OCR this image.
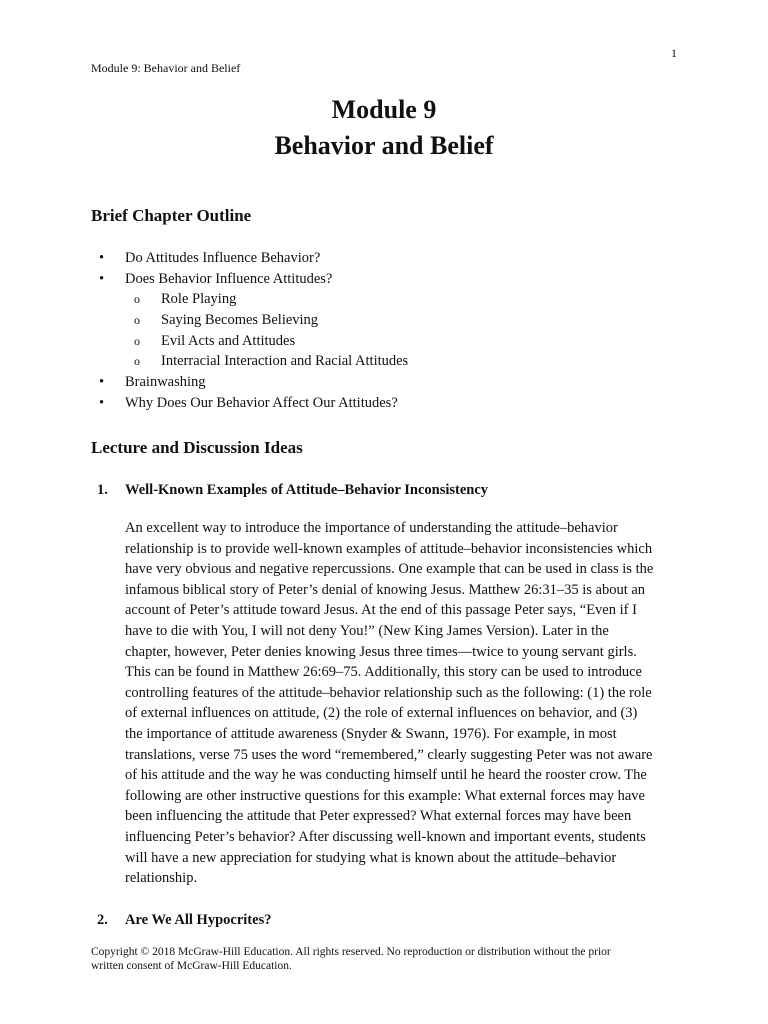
1
Module 9: Behavior and Belief
Module 9
Behavior and Belief
Brief Chapter Outline
• Do Attitudes Influence Behavior?
• Does Behavior Influence Attitudes?
o Role Playing
o Saying Becomes Believing
o Evil Acts and Attitudes
o Interracial Interaction and Racial Attitudes
• Brainwashing
• Why Does Our Behavior Affect Our Attitudes?
Lecture and Discussion Ideas
1. Well-Known Examples of Attitude–Behavior Inconsistency
An excellent way to introduce the importance of understanding the attitude–behavior
relationship is to provide well-known examples of attitude–behavior inconsistencies which
have very obvious and negative repercussions. One example that can be used in class is the
infamous biblical story of Peter’s denial of knowing Jesus. Matthew 26:31–35 is about an
account of Peter’s attitude toward Jesus. At the end of this passage Peter says, “Even if I
have to die with You, I will not deny You!” (New King James Version). Later in the
chapter, however, Peter denies knowing Jesus three times—twice to young servant girls.
This can be found in Matthew 26:69–75. Additionally, this story can be used to introduce
controlling features of the attitude–behavior relationship such as the following: (1) the role
of external influences on attitude, (2) the role of external influences on behavior, and (3)
the importance of attitude awareness (Snyder & Swann, 1976). For example, in most
translations, verse 75 uses the word “remembered,” clearly suggesting Peter was not aware
of his attitude and the way he was conducting himself until he heard the rooster crow. The
following are other instructive questions for this example: What external forces may have
been influencing the attitude that Peter expressed? What external forces may have been
influencing Peter’s behavior? After discussing well-known and important events, students
will have a new appreciation for studying what is known about the attitude–behavior
relationship.
2. Are We All Hypocrites?
Copyright © 2018 McGraw-Hill Education. All rights reserved. No reproduction or distribution without the prior
written consent of McGraw-Hill Education.
